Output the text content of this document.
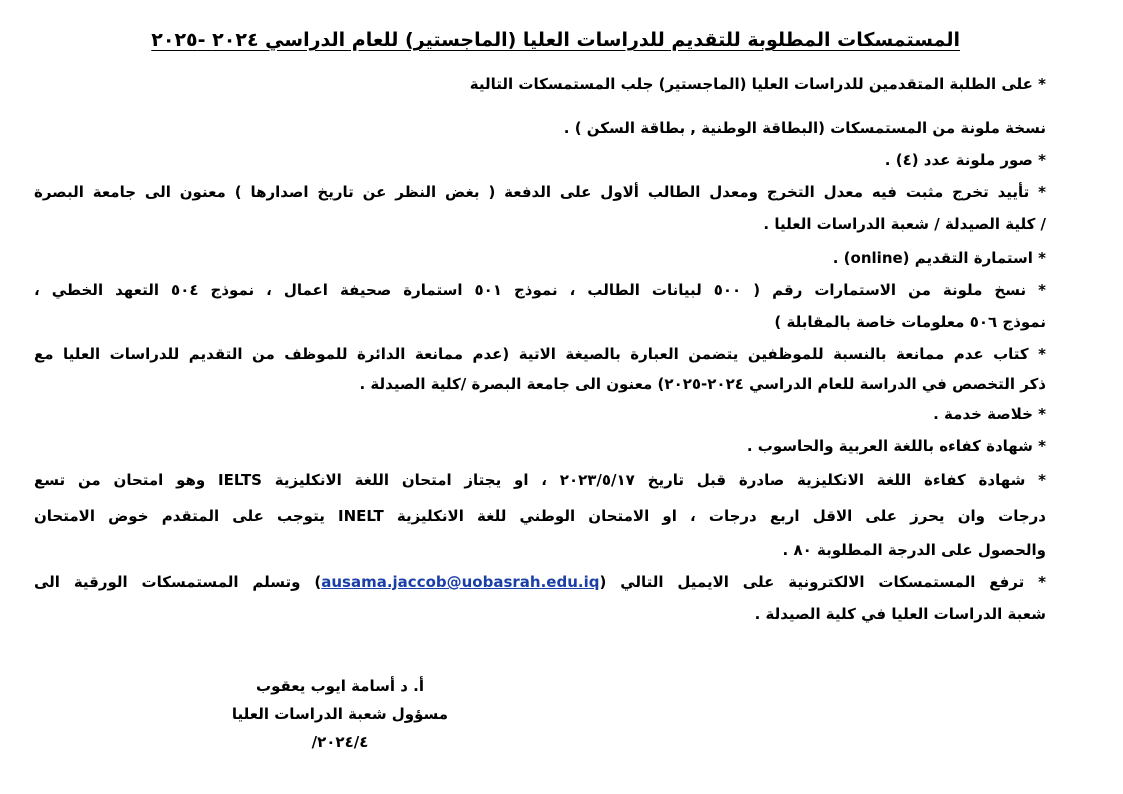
المستمسكات المطلوبة للتقديم للدراسات العليا (الماجستير) للعام الدراسي ٢٠٢٤ -٢٠٢٥
* على الطلبة المتقدمين للدراسات العليا (الماجستير) جلب المستمسكات التالية
نسخة ملونة من المستمسكات (البطاقة الوطنية , بطاقة السكن ) .
* صور ملونة عدد (٤) .
* تأييد تخرج مثبت فيه معدل التخرج ومعدل الطالب ألاول على الدفعة ( بغض النظر عن تاريخ اصدارها ) معنون الى جامعة البصرة
/ كلية الصيدلة / شعبة الدراسات العليا .
* استمارة التقديم (online) .
* نسخ ملونة من الاستمارات رقم ( ٥٠٠ لبيانات الطالب ، نموذج ٥٠١ استمارة صحيفة اعمال ، نموذج ٥٠٤ التعهد الخطي ،
نموذج ٥٠٦ معلومات خاصة بالمقابلة )
* كتاب عدم ممانعة بالنسبة للموظفين يتضمن العبارة بالصيغة الاتية (عدم ممانعة الدائرة للموظف من التقديم للدراسات العليا مع
ذكر التخصص في الدراسة للعام الدراسي ٢٠٢٤-٢٠٢٥) معنون الى جامعة البصرة /كلية الصيدلة .
* خلاصة خدمة .
* شهادة كفاءه باللغة العربية والحاسوب .
* شهادة كفاءة اللغة الانكليزية صادرة قبل تاريخ ٢٠٢٣/٥/١٧ ، او يجتاز امتحان اللغة الانكليزية IELTS وهو امتحان من تسع
درجات وان يحرز على الاقل اربع درجات ، او الامتحان الوطني للغة الانكليزية INELT يتوجب على المتقدم خوض الامتحان
والحصول على الدرجة المطلوبة ٨٠ .
* ترفع المستمسكات الالكترونية على الايميل التالي (ausama.jaccob@uobasrah.edu.iq) وتسلم المستمسكات الورقية الى
شعبة الدراسات العليا في كلية الصيدلة .
أ. د أسامة ايوب يعقوب
مسؤول شعبة الدراسات العليا
٢٠٢٤/٤/
